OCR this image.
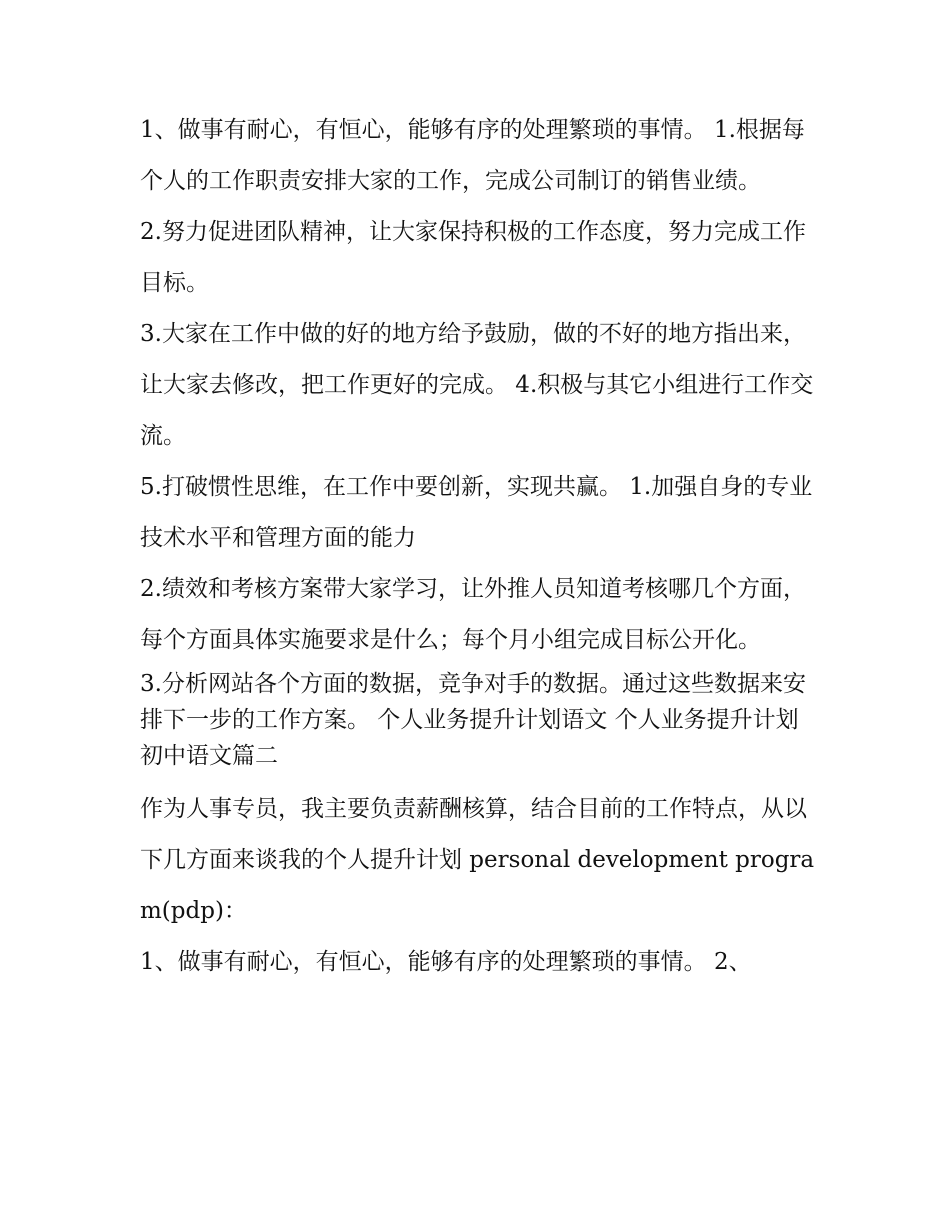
1、做事有耐心，有恒心，能够有序的处理繁琐的事情。 1.根据每个人的工作职责安排大家的工作，完成公司制订的销售业绩。

2.努力促进团队精神，让大家保持积极的工作态度，努力完成工作目标。

3.大家在工作中做的好的地方给予鼓励，做的不好的地方指出来，让大家去修改，把工作更好的完成。 4.积极与其它小组进行工作交流。

5.打破惯性思维，在工作中要创新，实现共赢。 1.加强自身的专业技术水平和管理方面的能力

2.绩效和考核方案带大家学习，让外推人员知道考核哪几个方面，每个方面具体实施要求是什么；每个月小组完成目标公开化。

3.分析网站各个方面的数据，竞争对手的数据。通过这些数据来安排下一步的工作方案。 个人业务提升计划语文 个人业务提升计划初中语文篇二

作为人事专员，我主要负责薪酬核算，结合目前的工作特点，从以下几方面来谈我的个人提升计划 personal development program(pdp)：

1、做事有耐心，有恒心，能够有序的处理繁琐的事情。 2、
